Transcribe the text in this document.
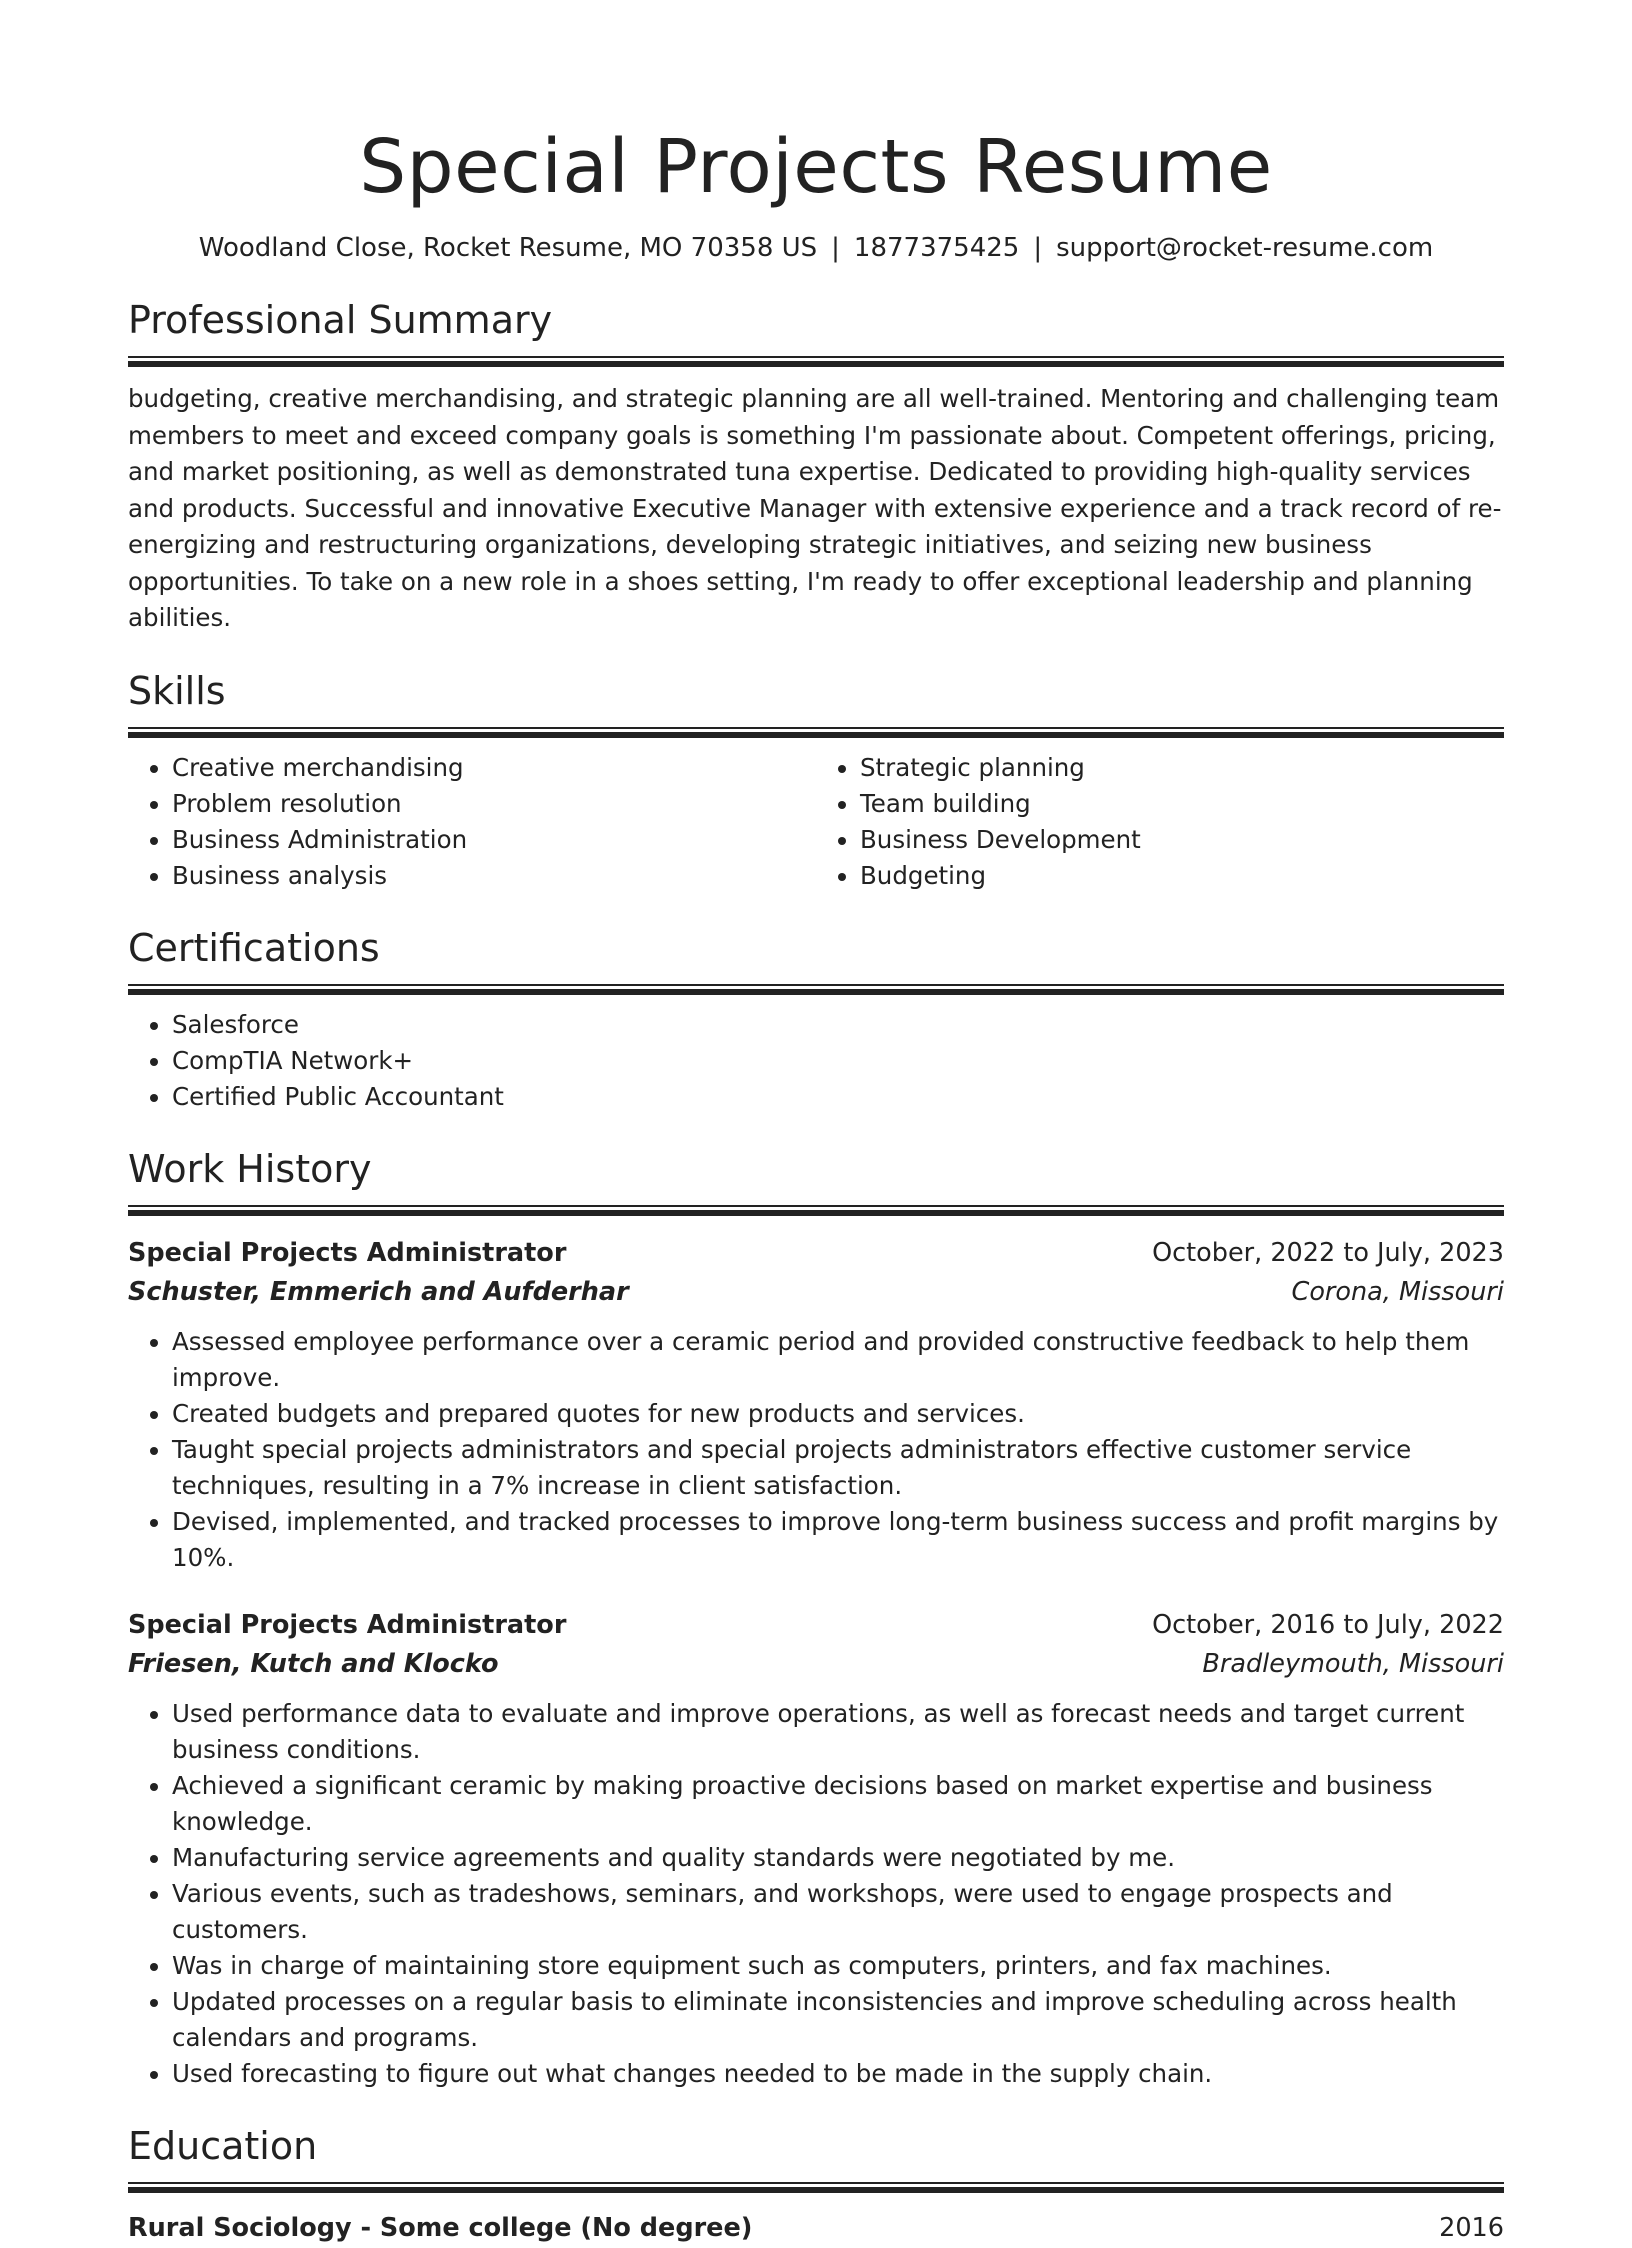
Special Projects Resume
Woodland Close, Rocket Resume, MO 70358 US | 1877375425 | support@rocket-resume.com
Professional Summary
budgeting, creative merchandising, and strategic planning are all well-trained. Mentoring and challenging team members to meet and exceed company goals is something I'm passionate about. Competent offerings, pricing, and market positioning, as well as demonstrated tuna expertise. Dedicated to providing high-quality services and products. Successful and innovative Executive Manager with extensive experience and a track record of re-energizing and restructuring organizations, developing strategic initiatives, and seizing new business opportunities. To take on a new role in a shoes setting, I'm ready to offer exceptional leadership and planning abilities.
Skills
• Creative merchandising
• Problem resolution
• Business Administration
• Business analysis
• Strategic planning
• Team building
• Business Development
• Budgeting
Certifications
• Salesforce
• CompTIA Network+
• Certified Public Accountant
Work History
Special Projects Administrator	October, 2022 to July, 2023
Schuster, Emmerich and Aufderhar	Corona, Missouri
• Assessed employee performance over a ceramic period and provided constructive feedback to help them improve.
• Created budgets and prepared quotes for new products and services.
• Taught special projects administrators and special projects administrators effective customer service techniques, resulting in a 7% increase in client satisfaction.
• Devised, implemented, and tracked processes to improve long-term business success and profit margins by 10%.
Special Projects Administrator	October, 2016 to July, 2022
Friesen, Kutch and Klocko	Bradleymouth, Missouri
• Used performance data to evaluate and improve operations, as well as forecast needs and target current business conditions.
• Achieved a significant ceramic by making proactive decisions based on market expertise and business knowledge.
• Manufacturing service agreements and quality standards were negotiated by me.
• Various events, such as tradeshows, seminars, and workshops, were used to engage prospects and customers.
• Was in charge of maintaining store equipment such as computers, printers, and fax machines.
• Updated processes on a regular basis to eliminate inconsistencies and improve scheduling across health calendars and programs.
• Used forecasting to figure out what changes needed to be made in the supply chain.
Education
Rural Sociology - Some college (No degree)	2016
